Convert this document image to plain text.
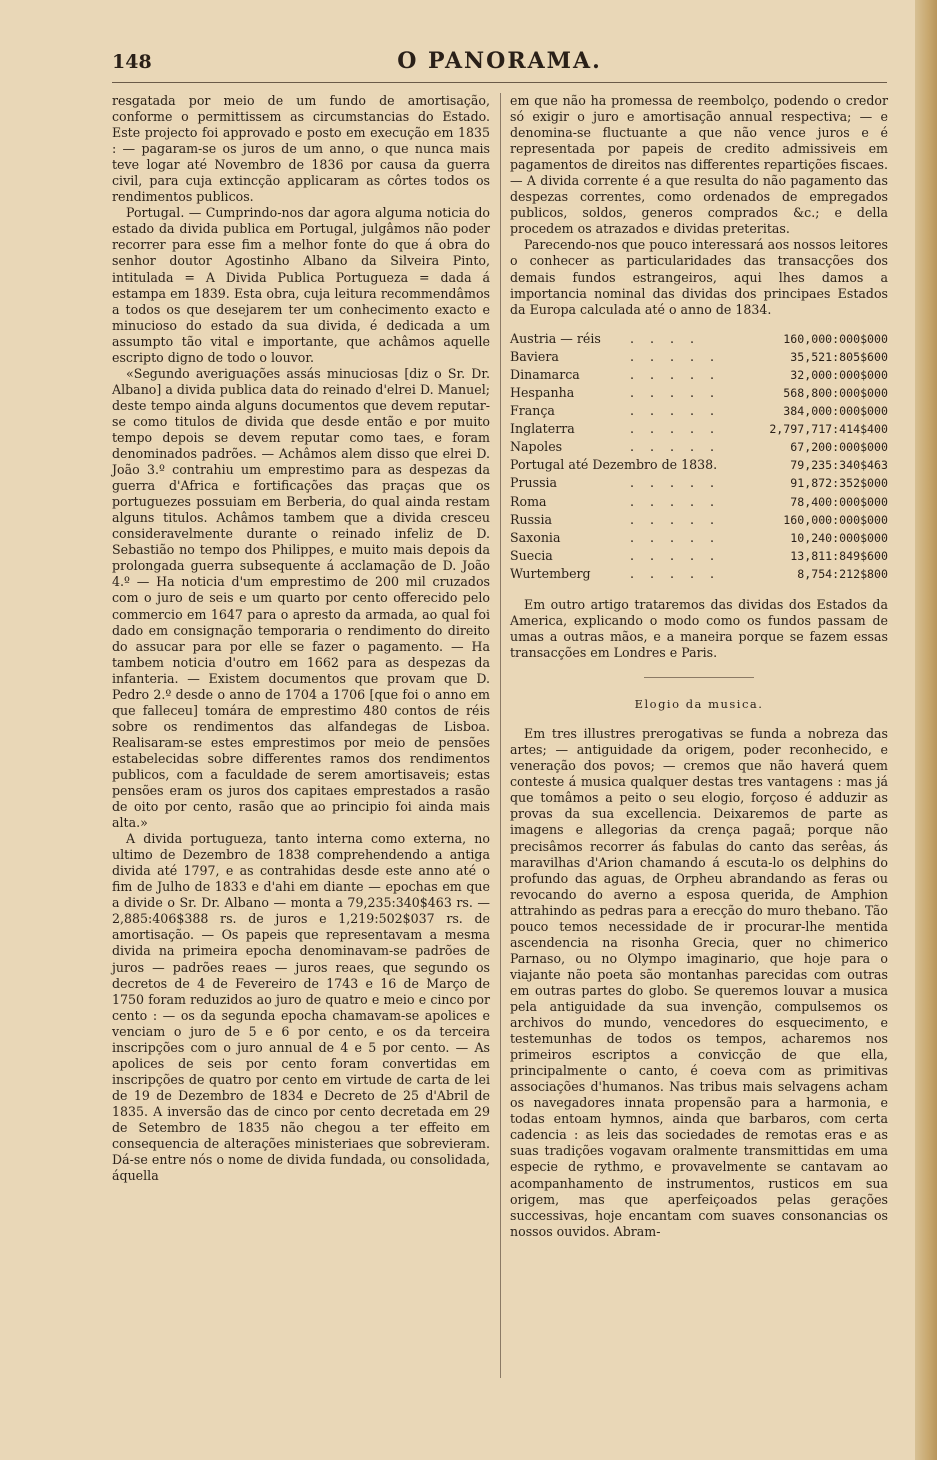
148	O PANORAMA.

resgatada por meio de um fundo de amortisação, conforme o permittissem as circumstancias do Estado. Este projecto foi approvado e posto em execução em 1835 : — pagaram-se os juros de um anno, o que nunca mais teve logar até Novembro de 1836 por causa da guerra civil, para cuja extincção applicaram as côrtes todos os rendimentos publicos.

Portugal. — Cumprindo-nos dar agora alguma noticia do estado da divida publica em Portugal, julgâmos não poder recorrer para esse fim a melhor fonte do que á obra do senhor doutor Agostinho Albano da Silveira Pinto, intitulada = A Divida Publica Portugueza = dada á estampa em 1839. Esta obra, cuja leitura recommendâmos a todos os que desejarem ter um conhecimento exacto e minucioso do estado da sua divida, é dedicada a um assumpto tão vital e importante, que achâmos aquelle escripto digno de todo o louvor.

«Segundo averiguações assás minuciosas [diz o Sr. Dr. Albano] a divida publica data do reinado d'elrei D. Manuel; deste tempo ainda alguns documentos que devem reputar-se como titulos de divida que desde então e por muito tempo depois se devem reputar como taes, e foram denominados padrões. — Achâmos alem disso que elrei D. João 3.º contrahiu um emprestimo para as despezas da guerra d'Africa e fortificações das praças que os portuguezes possuiam em Berberia, do qual ainda restam alguns titulos. Achâmos tambem que a divida cresceu consideravelmente durante o reinado infeliz de D. Sebastião no tempo dos Philippes, e muito mais depois da prolongada guerra subsequente á acclamação de D. João 4.º — Ha noticia d'um emprestimo de 200 mil cruzados com o juro de seis e um quarto por cento offerecido pelo commercio em 1647 para o apresto da armada, ao qual foi dado em consignação temporaria o rendimento do direito do assucar para por elle se fazer o pagamento. — Ha tambem noticia d'outro em 1662 para as despezas da infanteria. — Existem documentos que provam que D. Pedro 2.º desde o anno de 1704 a 1706 [que foi o anno em que falleceu] tomára de emprestimo 480 contos de réis sobre os rendimentos das alfandegas de Lisboa. Realisaram-se estes emprestimos por meio de pensões estabelecidas sobre differentes ramos dos rendimentos publicos, com a faculdade de serem amortisaveis; estas pensões eram os juros dos capitaes emprestados a rasão de oito por cento, rasão que ao principio foi ainda mais alta.»

A divida portugueza, tanto interna como externa, no ultimo de Dezembro de 1838 comprehendendo a antiga divida até 1797, e as contrahidas desde este anno até o fim de Julho de 1833 e d'ahi em diante — epochas em que a divide o Sr. Dr. Albano — monta a 79,235:340$463 rs. — 2,885:406$388 rs. de juros e 1,219:502$037 rs. de amortisação. — Os papeis que representavam a mesma divida na primeira epocha denominavam-se padrões de juros — padrões reaes — juros reaes, que segundo os decretos de 4 de Fevereiro de 1743 e 16 de Março de 1750 foram reduzidos ao juro de quatro e meio e cinco por cento : — os da segunda epocha chamavam-se apolices e venciam o juro de 5 e 6 por cento, e os da terceira inscripções com o juro annual de 4 e 5 por cento. — As apolices de seis por cento foram convertidas em inscripções de quatro por cento em virtude de carta de lei de 19 de Dezembro de 1834 e Decreto de 25 d'Abril de 1835. A inversão das de cinco por cento decretada em 29 de Setembro de 1835 não chegou a ter effeito em consequencia de alterações ministeriaes que sobrevieram. Dá-se entre nós o nome de divida fundada, ou consolidada, áquella

em que não ha promessa de reembolço, podendo o credor só exigir o juro e amortisação annual respectiva; — e denomina-se fluctuante a que não vence juros e é representada por papeis de credito admissiveis em pagamentos de direitos nas differentes repartições fiscaes. — A divida corrente é a que resulta do não pagamento das despezas correntes, como ordenados de empregados publicos, soldos, generos comprados &c.; e della procedem os atrazados e dividas preteritas.

Parecendo-nos que pouco interessará aos nossos leitores o conhecer as particularidades das transacções dos demais fundos estrangeiros, aqui lhes damos a importancia nominal das dividas dos principaes Estados da Europa calculada até o anno de 1834.

Austria — réis	. . . .	160,000:000$000
Baviera	. . . . .	35,521:805$600
Dinamarca	. . . . .	32,000:000$000
Hespanha	. . . . .	568,800:000$000
França	. . . . .	384,000:000$000
Inglaterra	. . . . .	2,797,717:414$400
Napoles	. . . . .	67,200:000$000
Portugal até Dezembro de 1838.	79,235:340$463
Prussia	. . . . .	91,872:352$000
Roma	. . . . .	78,400:000$000
Russia	. . . . .	160,000:000$000
Saxonia	. . . . .	10,240:000$000
Suecia	. . . . .	13,811:849$600
Wurtemberg	. . . . .	8,754:212$800

Em outro artigo trataremos das dividas dos Estados da America, explicando o modo como os fundos passam de umas a outras mãos, e a maneira porque se fazem essas transacções em Londres e Paris.

Elogio da musica.

Em tres illustres prerogativas se funda a nobreza das artes; — antiguidade da origem, poder reconhecido, e veneração dos povos; — cremos que não haverá quem conteste á musica qualquer destas tres vantagens : mas já que tomâmos a peito o seu elogio, forçoso é adduzir as provas da sua excellencia. Deixaremos de parte as imagens e allegorias da crença pagaã; porque não precisâmos recorrer ás fabulas do canto das serêas, ás maravilhas d'Arion chamando á escuta-lo os delphins do profundo das aguas, de Orpheu abrandando as feras ou revocando do averno a esposa querida, de Amphion attrahindo as pedras para a erecção do muro thebano. Tão pouco temos necessidade de ir procurar-lhe mentida ascendencia na risonha Grecia, quer no chimerico Parnaso, ou no Olympo imaginario, que hoje para o viajante não poeta são montanhas parecidas com outras em outras partes do globo. Se queremos louvar a musica pela antiguidade da sua invenção, compulsemos os archivos do mundo, vencedores do esquecimento, e testemunhas de todos os tempos, acharemos nos primeiros escriptos a convicção de que ella, principalmente o canto, é coeva com as primitivas associações d'humanos. Nas tribus mais selvagens acham os navegadores innata propensão para a harmonia, e todas entoam hymnos, ainda que barbaros, com certa cadencia : as leis das sociedades de remotas eras e as suas tradições vogavam oralmente transmittidas em uma especie de rythmo, e provavelmente se cantavam ao acompanhamento de instrumentos, rusticos em sua origem, mas que aperfeiçoados pelas gerações successivas, hoje encantam com suaves consonancias os nossos ouvidos. Abram-
